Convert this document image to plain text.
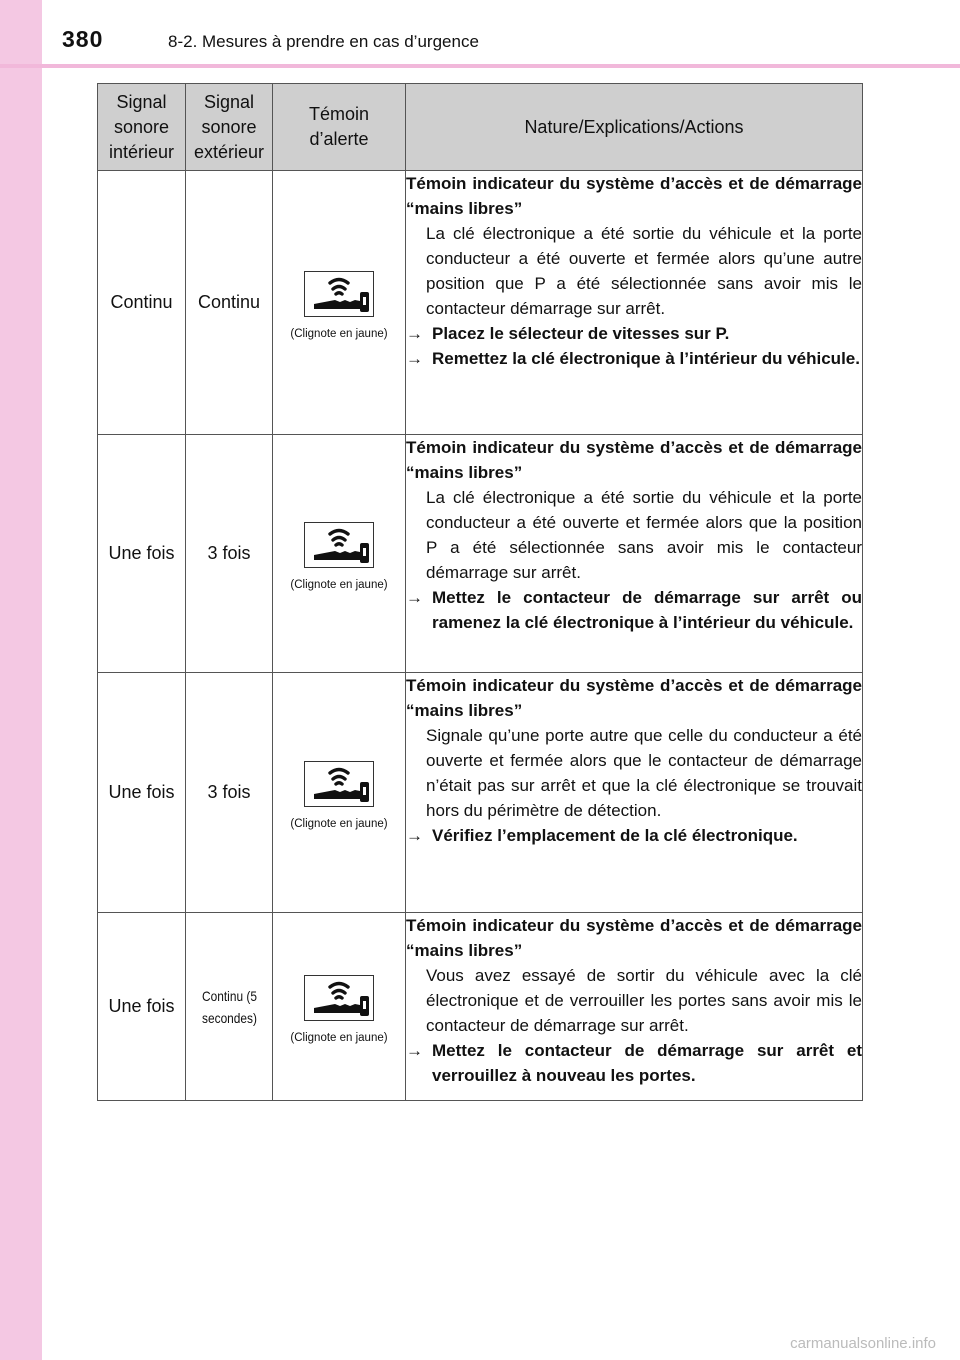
380	8-2. Mesures à prendre en cas d’urgence
Signal sonore intérieur	Signal sonore extérieur	Témoin d’alerte	Nature/Explications/Actions
Continu	Continu	(Clignote en jaune)	Témoin indicateur du système d’accès et de démarrage “mains libres”
La clé électronique a été sortie du véhicule et la porte conducteur a été ouverte et fermée alors qu’une autre position que P a été sélectionnée sans avoir mis le contacteur démarrage sur arrêt.
→ Placez le sélecteur de vitesses sur P.
→ Remettez la clé électronique à l’intérieur du véhicule.

Une fois	3 fois	(Clignote en jaune)	Témoin indicateur du système d’accès et de démarrage “mains libres”
La clé électronique a été sortie du véhicule et la porte conducteur a été ouverte et fermée alors que la position P a été sélectionnée sans avoir mis le contacteur démarrage sur arrêt.
→ Mettez le contacteur de démarrage sur arrêt ou ramenez la clé électronique à l’intérieur du véhicule.

Une fois	3 fois	(Clignote en jaune)	Témoin indicateur du système d’accès et de démarrage “mains libres”
Signale qu’une porte autre que celle du conducteur a été ouverte et fermée alors que le contacteur de démarrage n’était pas sur arrêt et que la clé électronique se trouvait hors du périmètre de détection.
→ Vérifiez l’emplacement de la clé électronique.

Une fois	Continu (5 secondes)	(Clignote en jaune)	Témoin indicateur du système d’accès et de démarrage “mains libres”
Vous avez essayé de sortir du véhicule avec la clé électronique et de verrouiller les portes sans avoir mis le contacteur de démarrage sur arrêt.
→ Mettez le contacteur de démarrage sur arrêt et verrouillez à nouveau les portes.
carmanualsonline.info
